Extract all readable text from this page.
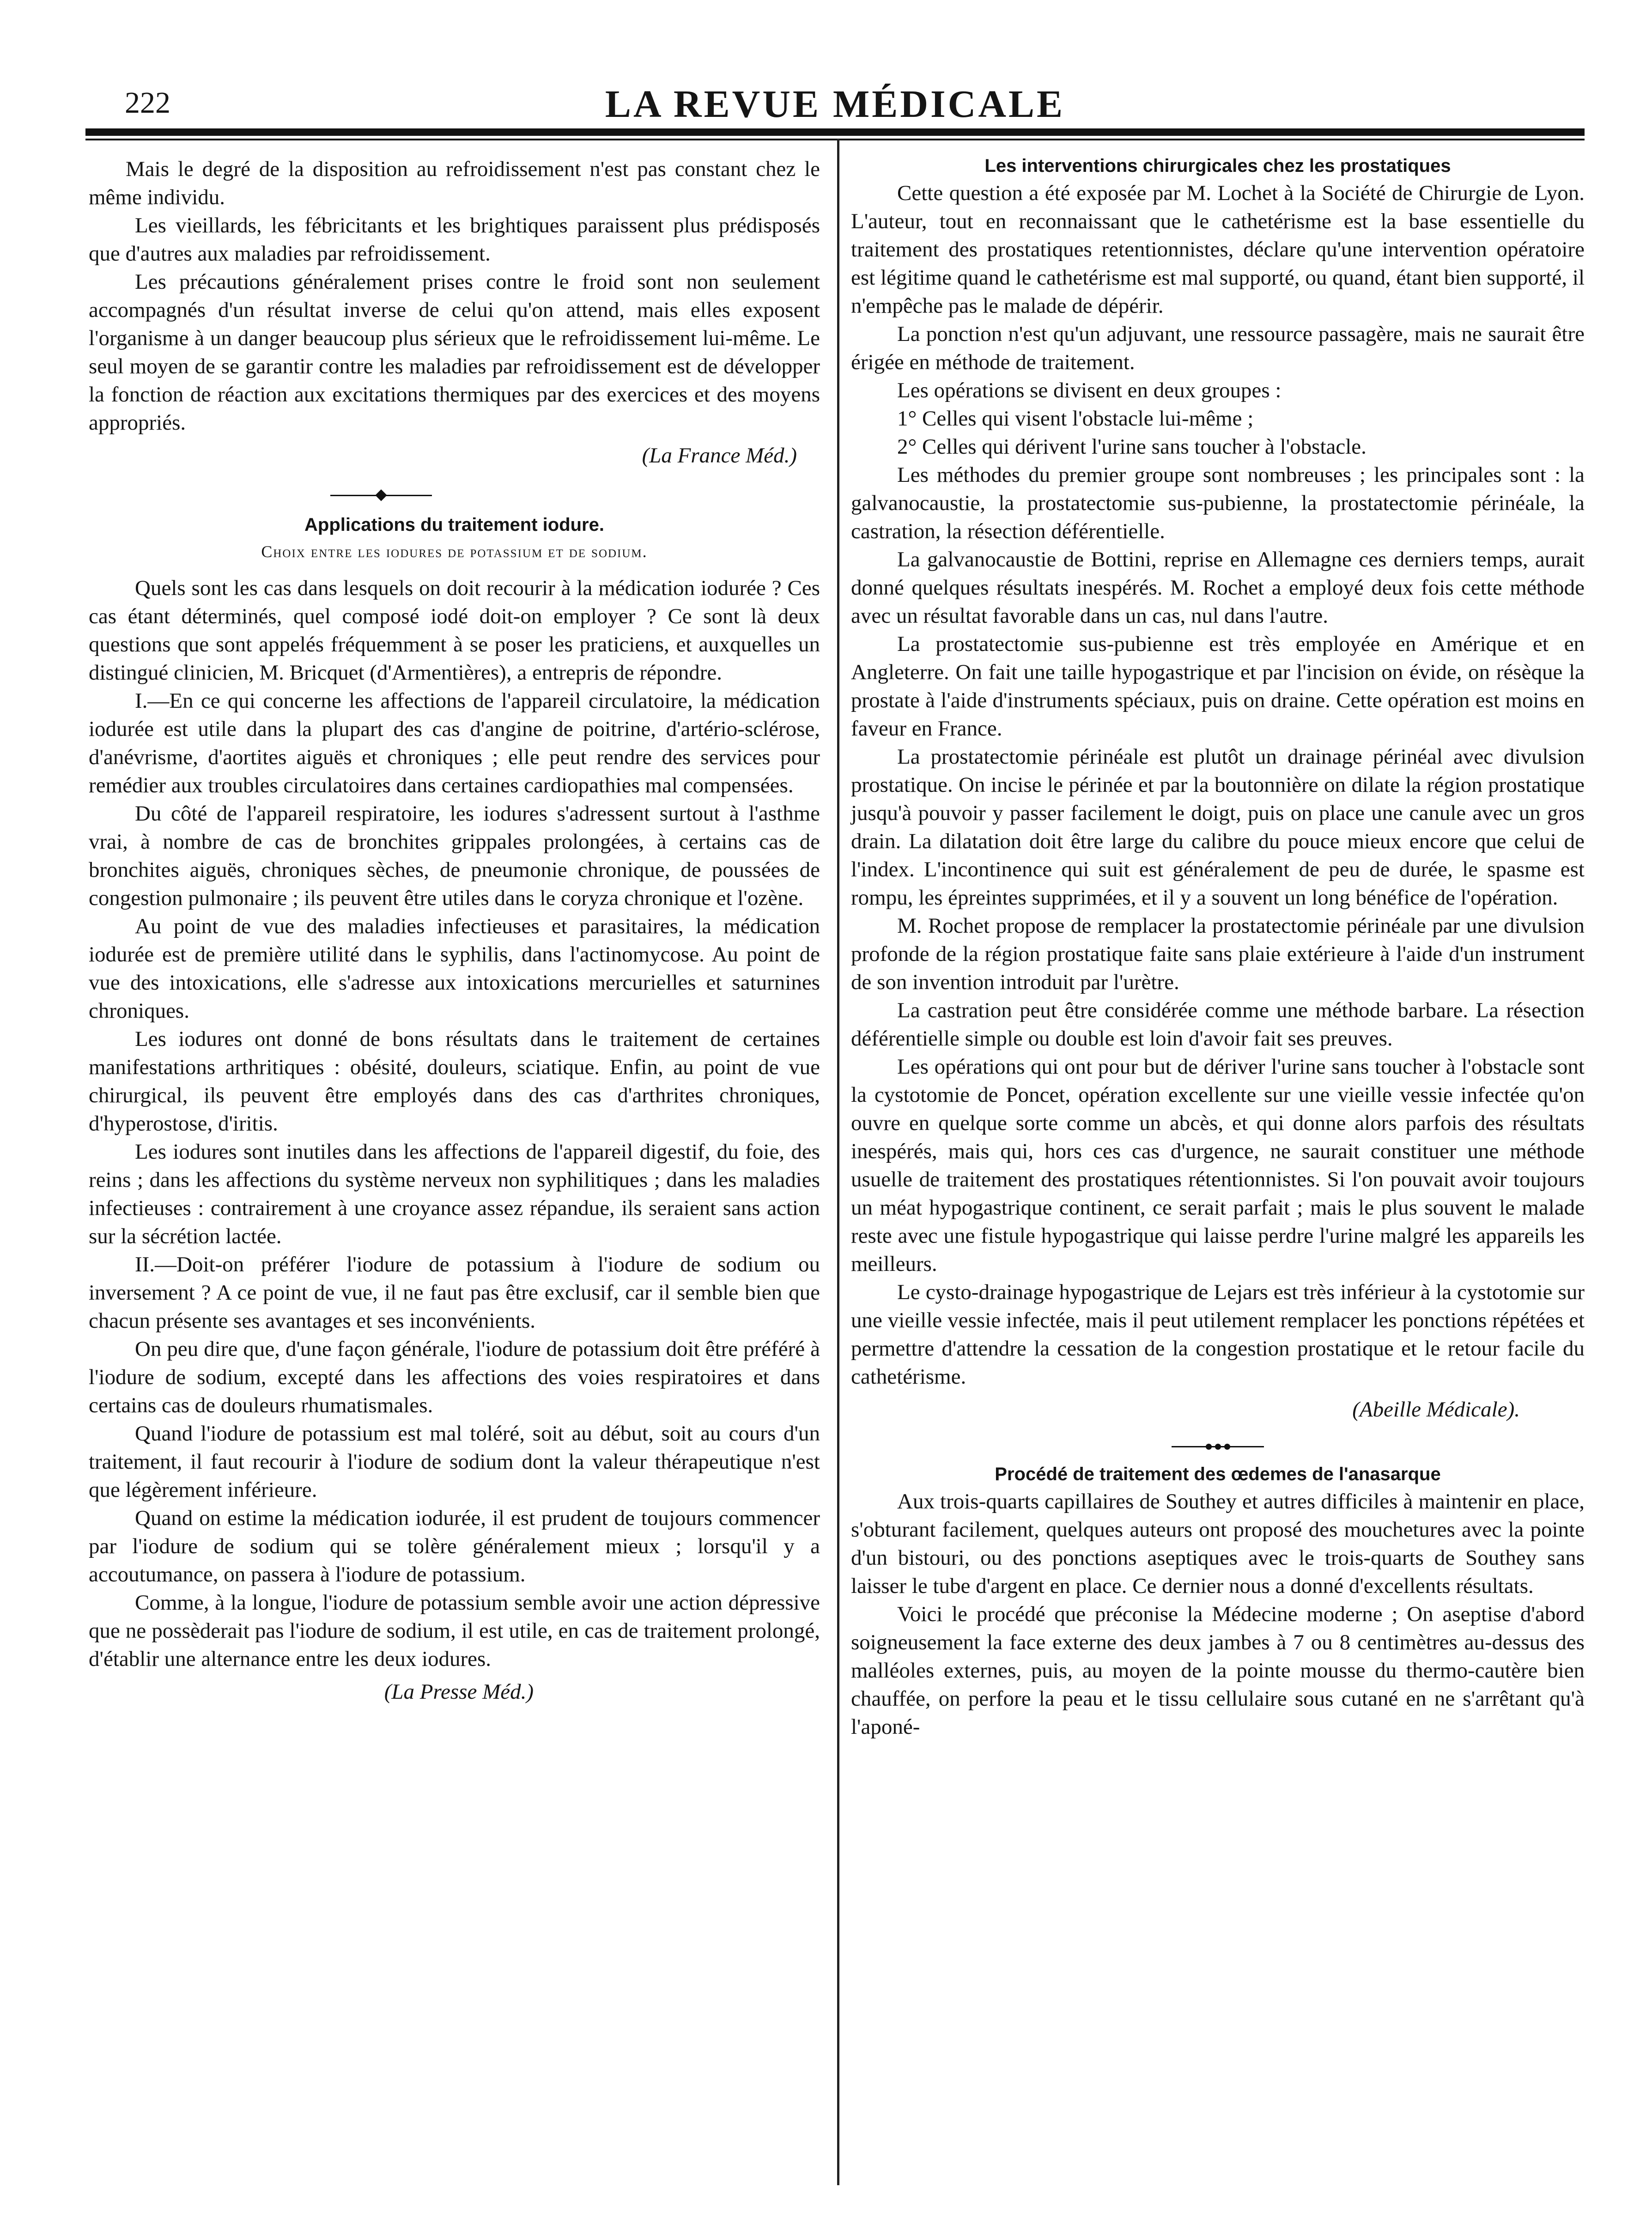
222	LA REVUE MÉDICALE

Mais le degré de la disposition au refroidissement n'est pas constant chez le même individu.

Les vieillards, les fébricitants et les brightiques paraissent plus prédisposés que d'autres aux maladies par refroidissement.

Les précautions généralement prises contre le froid sont non seulement accompagnés d'un résultat inverse de celui qu'on attend, mais elles exposent l'organisme à un danger beaucoup plus sérieux que le refroidissement lui-même. Le seul moyen de se garantir contre les maladies par refroidissement est de développer la fonction de réaction aux excitations thermiques par des exercices et des moyens appropriés.

(La France Méd.)

Applications du traitement iodure.
Choix entre les iodures de potassium et de sodium.

Quels sont les cas dans lesquels on doit recourir à la médication iodurée ? Ces cas étant déterminés, quel composé iodé doit-on employer ? Ce sont là deux questions que sont appelés fréquemment à se poser les praticiens, et auxquelles un distingué clinicien, M. Bricquet (d'Armentières), a entrepris de répondre.

I.—En ce qui concerne les affections de l'appareil circulatoire, la médication iodurée est utile dans la plupart des cas d'angine de poitrine, d'artério-sclérose, d'anévrisme, d'aortites aiguës et chroniques ; elle peut rendre des services pour remédier aux troubles circulatoires dans certaines cardiopathies mal compensées.

Du côté de l'appareil respiratoire, les iodures s'adressent surtout à l'asthme vrai, à nombre de cas de bronchites grippales prolongées, à certains cas de bronchites aiguës, chroniques sèches, de pneumonie chronique, de poussées de congestion pulmonaire ; ils peuvent être utiles dans le coryza chronique et l'ozène.

Au point de vue des maladies infectieuses et parasitaires, la médication iodurée est de première utilité dans le syphilis, dans l'actinomycose. Au point de vue des intoxications, elle s'adresse aux intoxications mercurielles et saturnines chroniques.

Les iodures ont donné de bons résultats dans le traitement de certaines manifestations arthritiques : obésité, douleurs, sciatique. Enfin, au point de vue chirurgical, ils peuvent être employés dans des cas d'arthrites chroniques, d'hyperostose, d'iritis.

Les iodures sont inutiles dans les affections de l'appareil digestif, du foie, des reins ; dans les affections du système nerveux non syphilitiques ; dans les maladies infectieuses : contrairement à une croyance assez répandue, ils seraient sans action sur la sécrétion lactée.

II.—Doit-on préférer l'iodure de potassium à l'iodure de sodium ou inversement ? A ce point de vue, il ne faut pas être exclusif, car il semble bien que chacun présente ses avantages et ses inconvénients.

On peu dire que, d'une façon générale, l'iodure de potassium doit être préféré à l'iodure de sodium, excepté dans les affections des voies respiratoires et dans certains cas de douleurs rhumatismales.

Quand l'iodure de potassium est mal toléré, soit au début, soit au cours d'un traitement, il faut recourir à l'iodure de sodium dont la valeur thérapeutique n'est que légèrement inférieure.

Quand on estime la médication iodurée, il est prudent de toujours commencer par l'iodure de sodium qui se tolère généralement mieux ; lorsqu'il y a accoutumance, on passera à l'iodure de potassium.

Comme, à la longue, l'iodure de potassium semble avoir une action dépressive que ne possèderait pas l'iodure de sodium, il est utile, en cas de traitement prolongé, d'établir une alternance entre les deux iodures.

(La Presse Méd.)

Les interventions chirurgicales chez les prostatiques

Cette question a été exposée par M. Lochet à la Société de Chirurgie de Lyon. L'auteur, tout en reconnaissant que le cathetérisme est la base essentielle du traitement des prostatiques retentionnistes, déclare qu'une intervention opératoire est légitime quand le cathetérisme est mal supporté, ou quand, étant bien supporté, il n'empêche pas le malade de dépérir.

La ponction n'est qu'un adjuvant, une ressource passagère, mais ne saurait être érigée en méthode de traitement.

Les opérations se divisent en deux groupes :

1° Celles qui visent l'obstacle lui-même ;

2° Celles qui dérivent l'urine sans toucher à l'obstacle.

Les méthodes du premier groupe sont nombreuses ; les principales sont : la galvanocaustie, la prostatectomie sus-pubienne, la prostatectomie périnéale, la castration, la résection déférentielle.

La galvanocaustie de Bottini, reprise en Allemagne ces derniers temps, aurait donné quelques résultats inespérés. M. Rochet a employé deux fois cette méthode avec un résultat favorable dans un cas, nul dans l'autre.

La prostatectomie sus-pubienne est très employée en Amérique et en Angleterre. On fait une taille hypogastrique et par l'incision on évide, on résèque la prostate à l'aide d'instruments spéciaux, puis on draine. Cette opération est moins en faveur en France.

La prostatectomie périnéale est plutôt un drainage périnéal avec divulsion prostatique. On incise le périnée et par la boutonnière on dilate la région prostatique jusqu'à pouvoir y passer facilement le doigt, puis on place une canule avec un gros drain. La dilatation doit être large du calibre du pouce mieux encore que celui de l'index. L'incontinence qui suit est généralement de peu de durée, le spasme est rompu, les épreintes supprimées, et il y a souvent un long bénéfice de l'opération.

M. Rochet propose de remplacer la prostatectomie périnéale par une divulsion profonde de la région prostatique faite sans plaie extérieure à l'aide d'un instrument de son invention introduit par l'urètre.

La castration peut être considérée comme une méthode barbare. La résection déférentielle simple ou double est loin d'avoir fait ses preuves.

Les opérations qui ont pour but de dériver l'urine sans toucher à l'obstacle sont la cystotomie de Poncet, opération excellente sur une vieille vessie infectée qu'on ouvre en quelque sorte comme un abcès, et qui donne alors parfois des résultats inespérés, mais qui, hors ces cas d'urgence, ne saurait constituer une méthode usuelle de traitement des prostatiques rétentionnistes. Si l'on pouvait avoir toujours un méat hypogastrique continent, ce serait parfait ; mais le plus souvent le malade reste avec une fistule hypogastrique qui laisse perdre l'urine malgré les appareils les meilleurs.

Le cysto-drainage hypogastrique de Lejars est très inférieur à la cystotomie sur une vieille vessie infectée, mais il peut utilement remplacer les ponctions répétées et permettre d'attendre la cessation de la congestion prostatique et le retour facile du cathetérisme.

(Abeille Médicale).

Procédé de traitement des œdemes de l'anasarque

Aux trois-quarts capillaires de Southey et autres difficiles à maintenir en place, s'obturant facilement, quelques auteurs ont proposé des mouchetures avec la pointe d'un bistouri, ou des ponctions aseptiques avec le trois-quarts de Southey sans laisser le tube d'argent en place. Ce dernier nous a donné d'excellents résultats.

Voici le procédé que préconise la Médecine moderne ; On aseptise d'abord soigneusement la face externe des deux jambes à 7 ou 8 centimètres au-dessus des malléoles externes, puis, au moyen de la pointe mousse du thermo-cautère bien chauffée, on perfore la peau et le tissu cellulaire sous cutané en ne s'arrêtant qu'à l'aponé-
